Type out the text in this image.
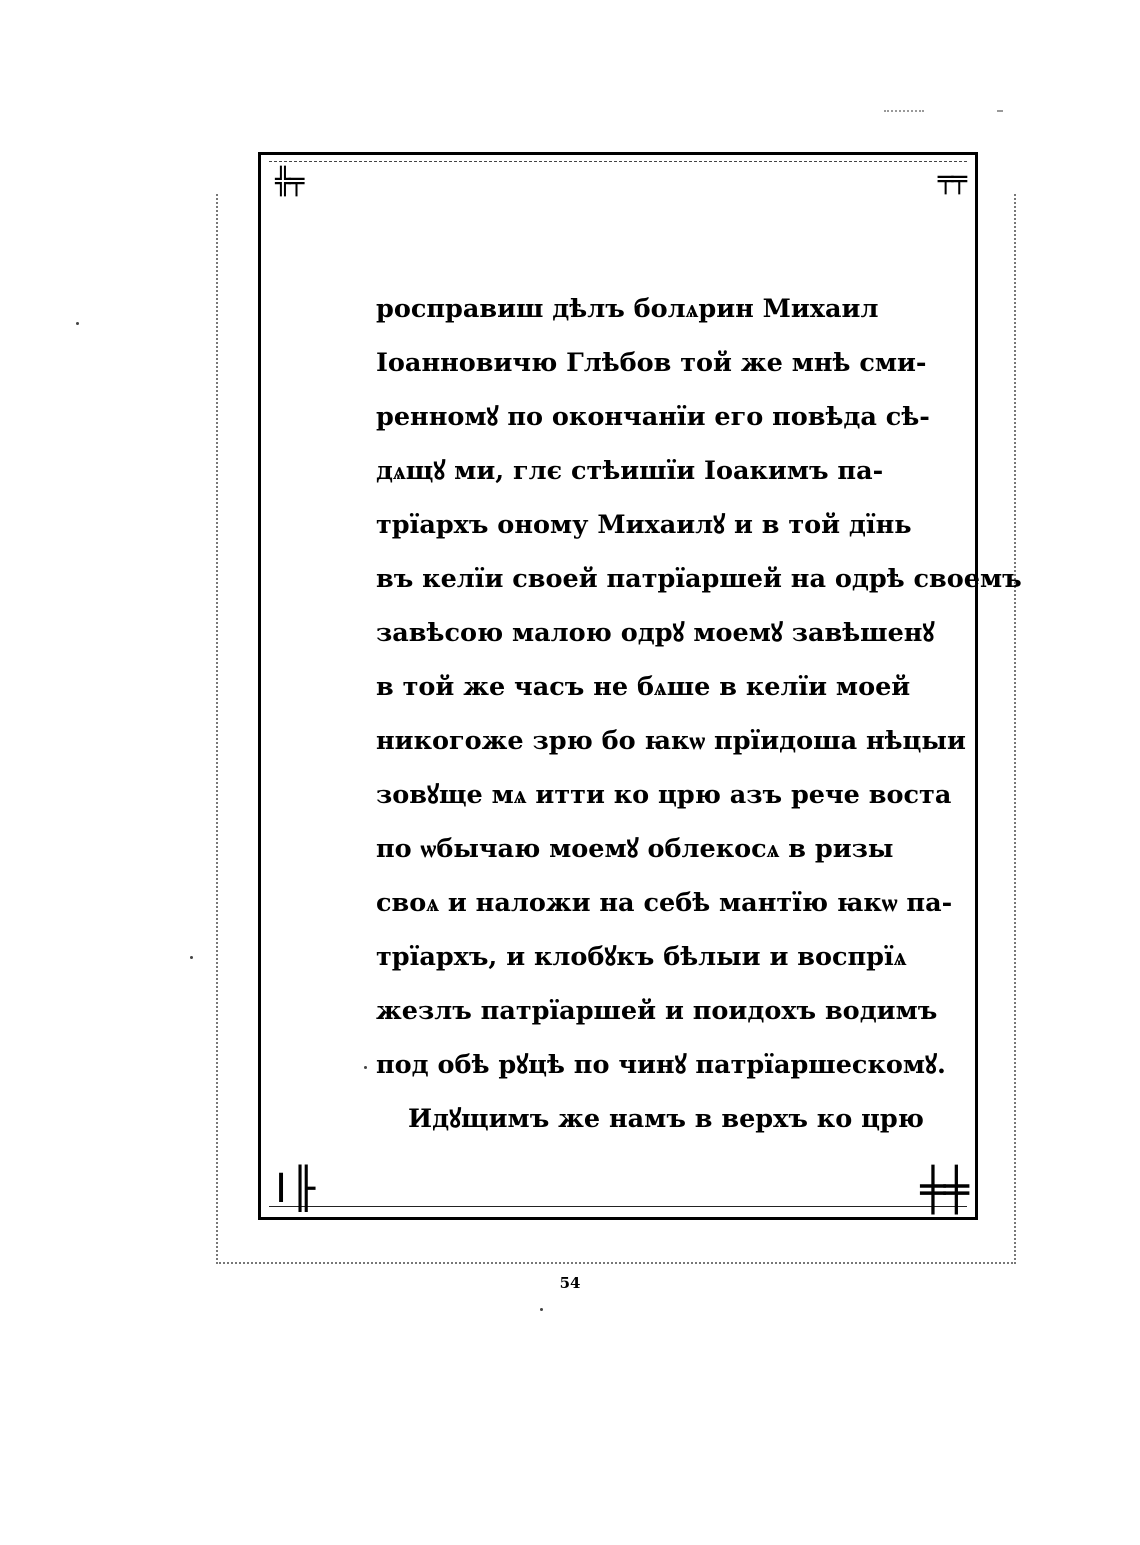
╬╤	╤╤
ǀ╟	╪╪
росправиш дѣлъ болѧрин Михаил
Іоанновичю Глѣбов той же мнѣ сми-
ренномꙋ по окончанїи его повѣда сѣ-
дѧщꙋ ми, глє стѣишїи Іоакимъ па-
трїархъ оному Михаилꙋ и в той дїнь
въ келїи своей патрїаршей на одрѣ своемъ
завѣсою малою одрꙋ моемꙋ завѣшенꙋ
в той же часъ не бѧше в келїи моей
никогоже зрю бо ꙗкѡ прїидоша нѣцыи
зовꙋще мѧ итти ко црю азъ рече воста
по ѡбычаю моемꙋ облекосѧ в ризы
своѧ и наложи на себѣ мантїю ꙗкѡ па-
трїархъ, и клобꙋкъ бѣлыи и воспрїѧ
жезлъ патрїаршей и поидохъ водимъ
под обѣ рꙋцѣ по чинꙋ патрїаршескомꙋ.
Идꙋщимъ же намъ в верхъ ко црю
54
